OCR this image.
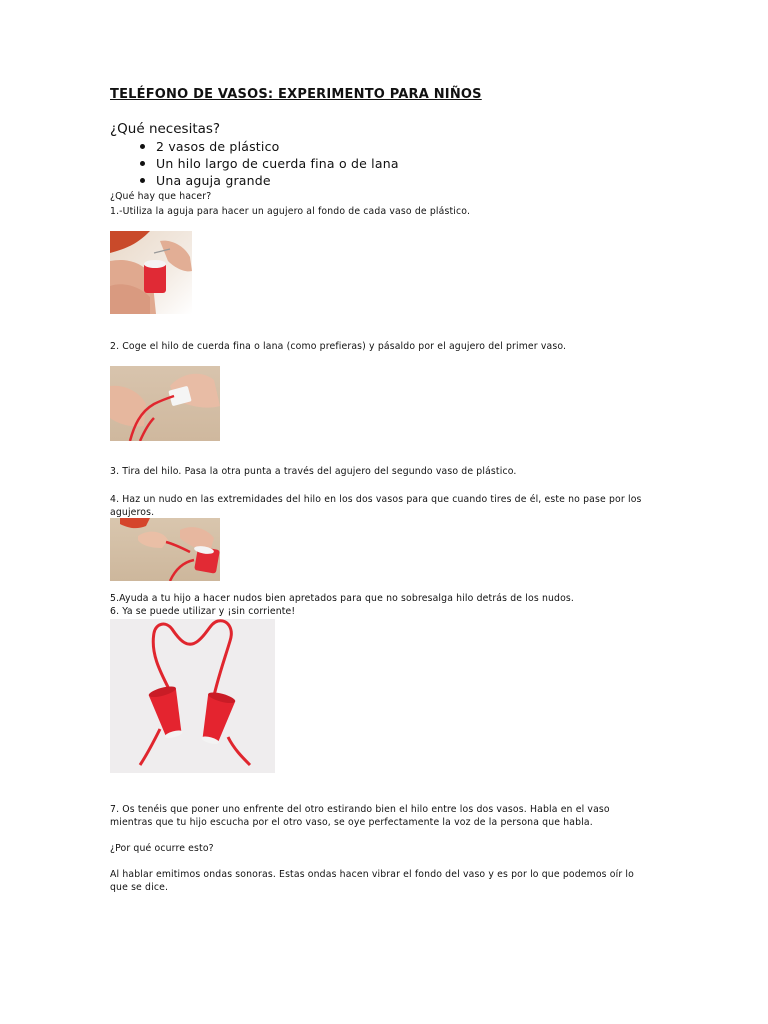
TELÉFONO DE VASOS: EXPERIMENTO PARA NIÑOS
¿Qué necesitas?
2 vasos de plástico
Un hilo largo de cuerda fina o de lana
Una aguja grande
¿Qué hay que hacer?
1.-Utiliza la aguja para hacer un agujero al fondo de cada vaso de plástico.
2. Coge el hilo de cuerda fina o lana (como prefieras) y pásaldo por el agujero del primer vaso.
3. Tira del hilo. Pasa la otra punta a través del agujero del segundo vaso de plástico.
4. Haz un nudo en las extremidades del hilo en los dos vasos para que cuando tires de él, este no pase por los agujeros.
5.Ayuda a tu hijo a hacer nudos bien apretados para que no sobresalga hilo detrás de los nudos.
6. Ya se puede utilizar y ¡sin corriente!
7. Os tenéis que poner uno enfrente del otro estirando bien el hilo entre los dos vasos. Habla en el vaso mientras que tu hijo escucha por el otro vaso, se oye perfectamente la voz de la persona que habla.
¿Por qué ocurre esto?
Al hablar emitimos ondas sonoras. Estas ondas hacen vibrar el fondo del vaso y es por lo que podemos oír lo que se dice.
